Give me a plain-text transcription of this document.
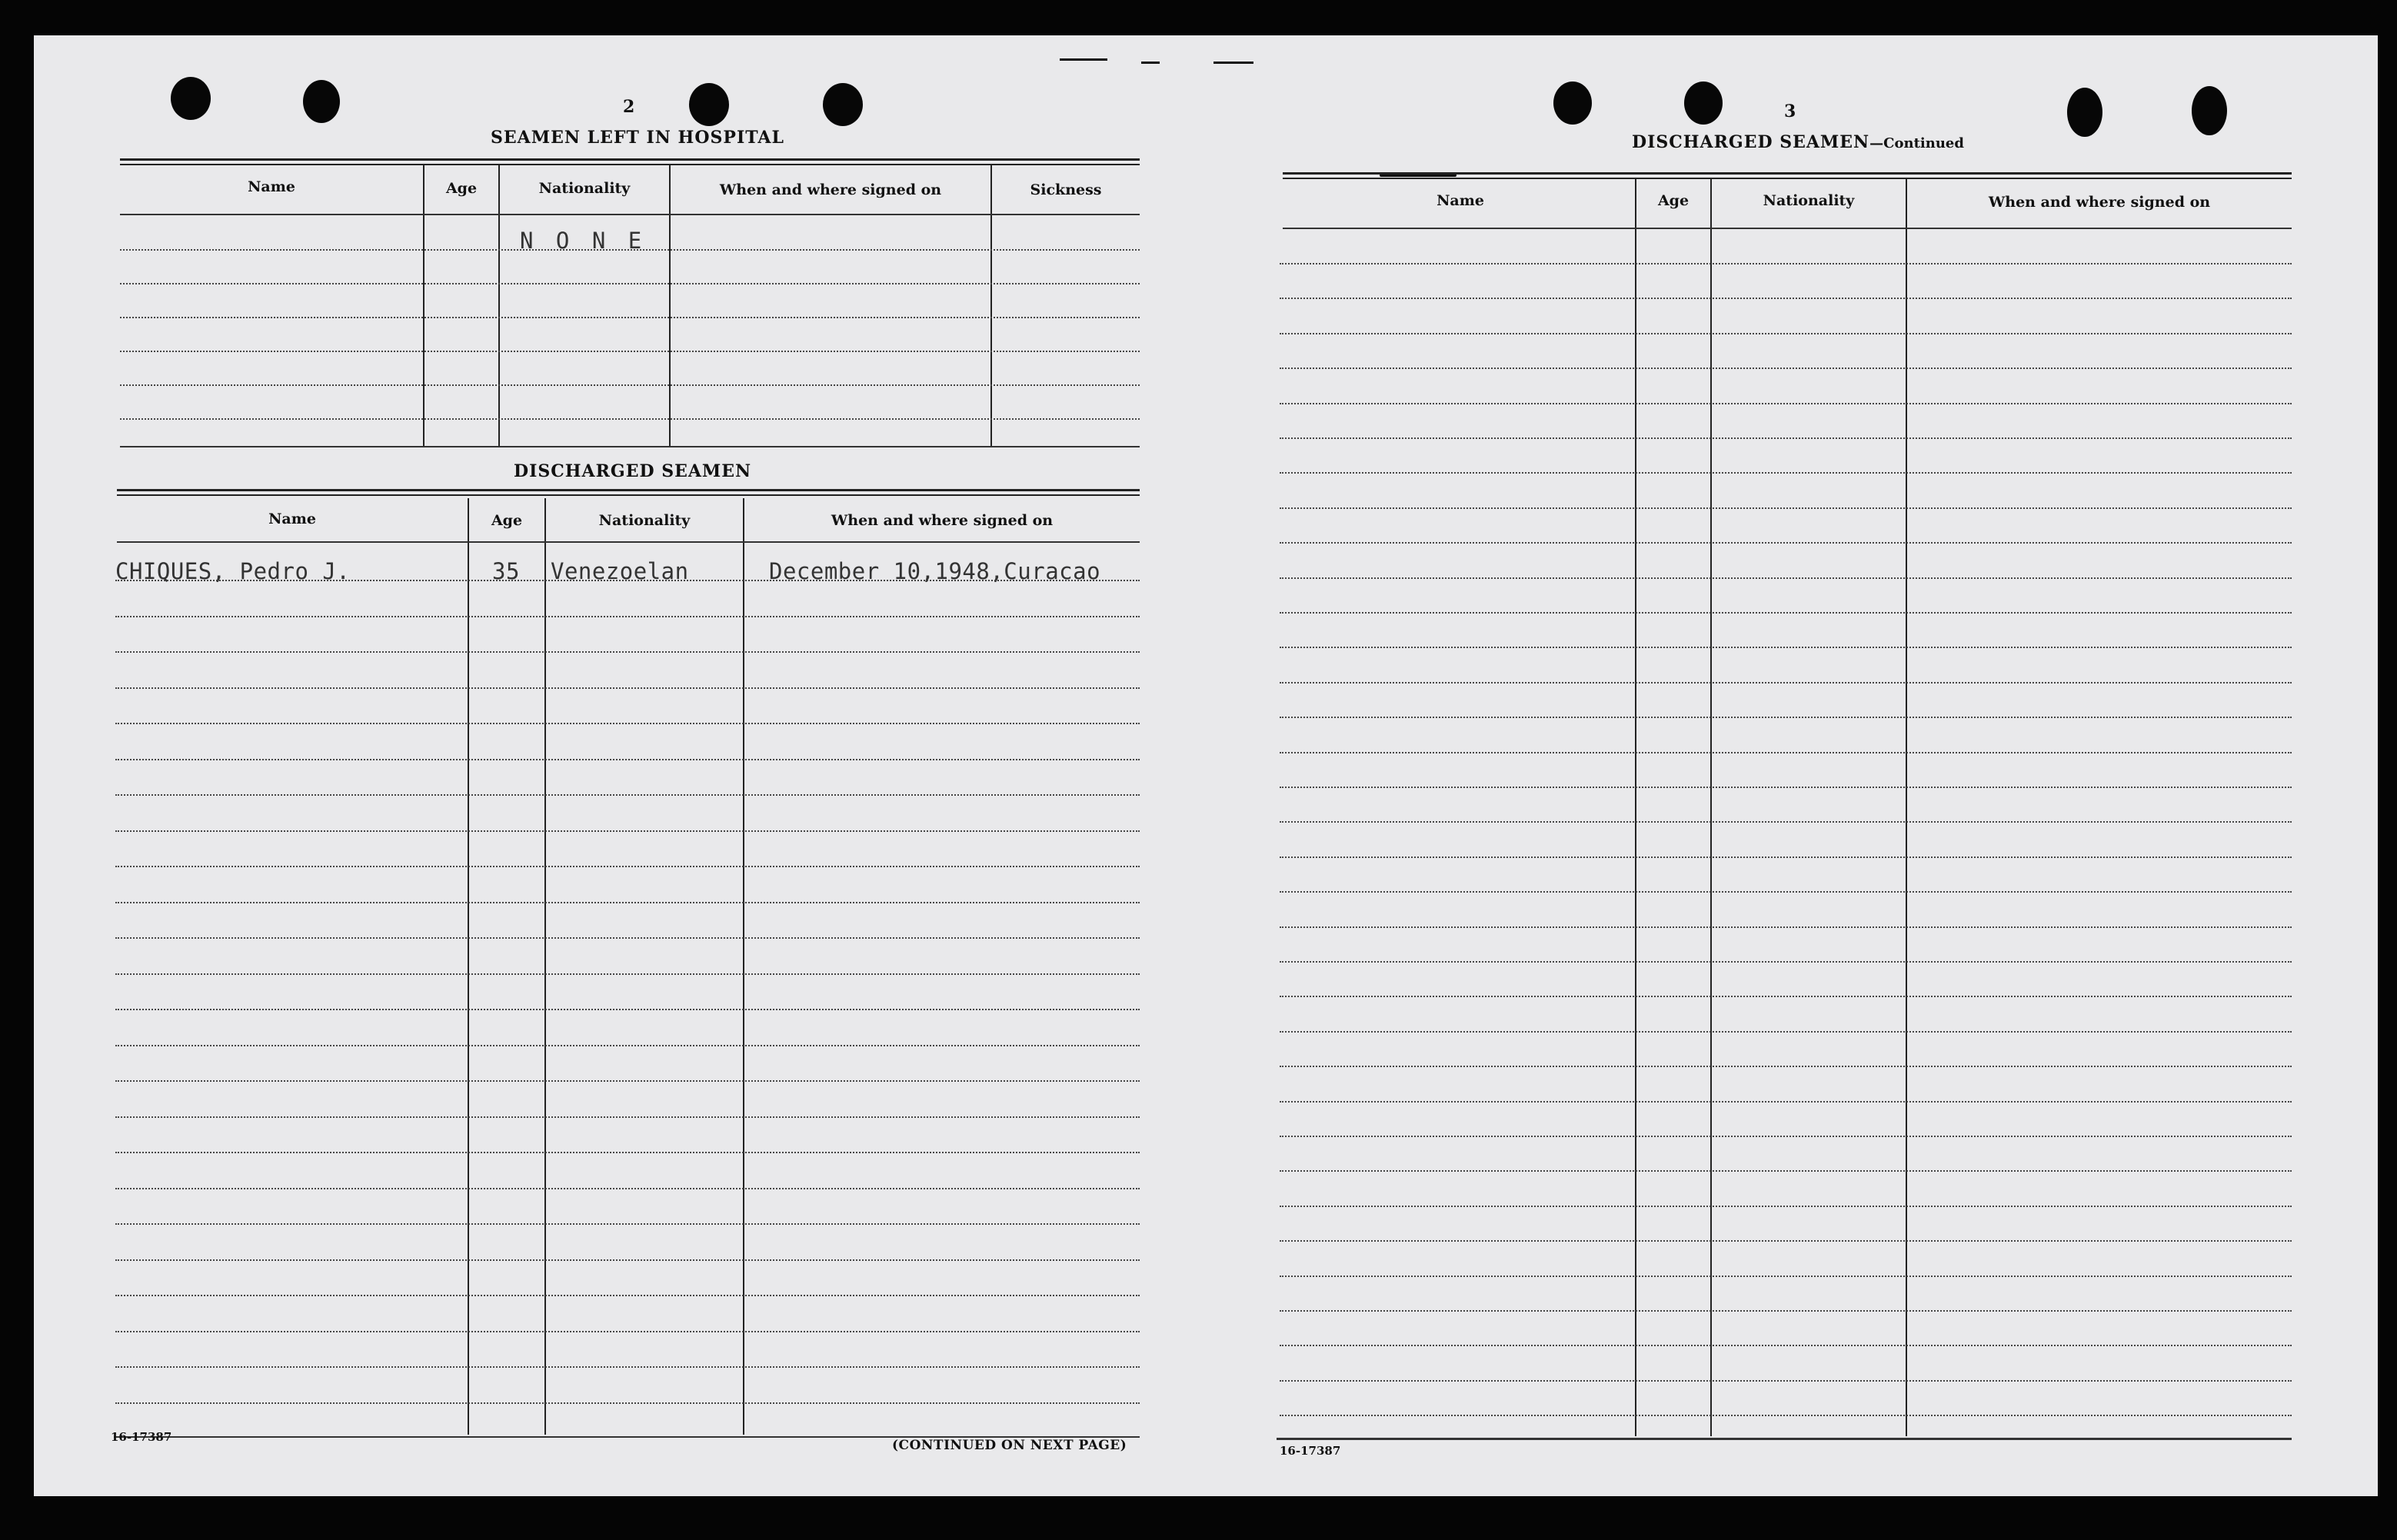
2
SEAMEN LEFT IN HOSPITAL
Name	Age	Nationality	When and where signed on	Sickness
N O N E
DISCHARGED SEAMEN
Name	Age	Nationality	When and where signed on
CHIQUES, Pedro J.	35 Venezoelan	December 10,1948,Curacao
16-17387
(CONTINUED ON NEXT PAGE)
3
DISCHARGED SEAMEN—Continued
Name	Age	Nationality	When and where signed on
16-17387
